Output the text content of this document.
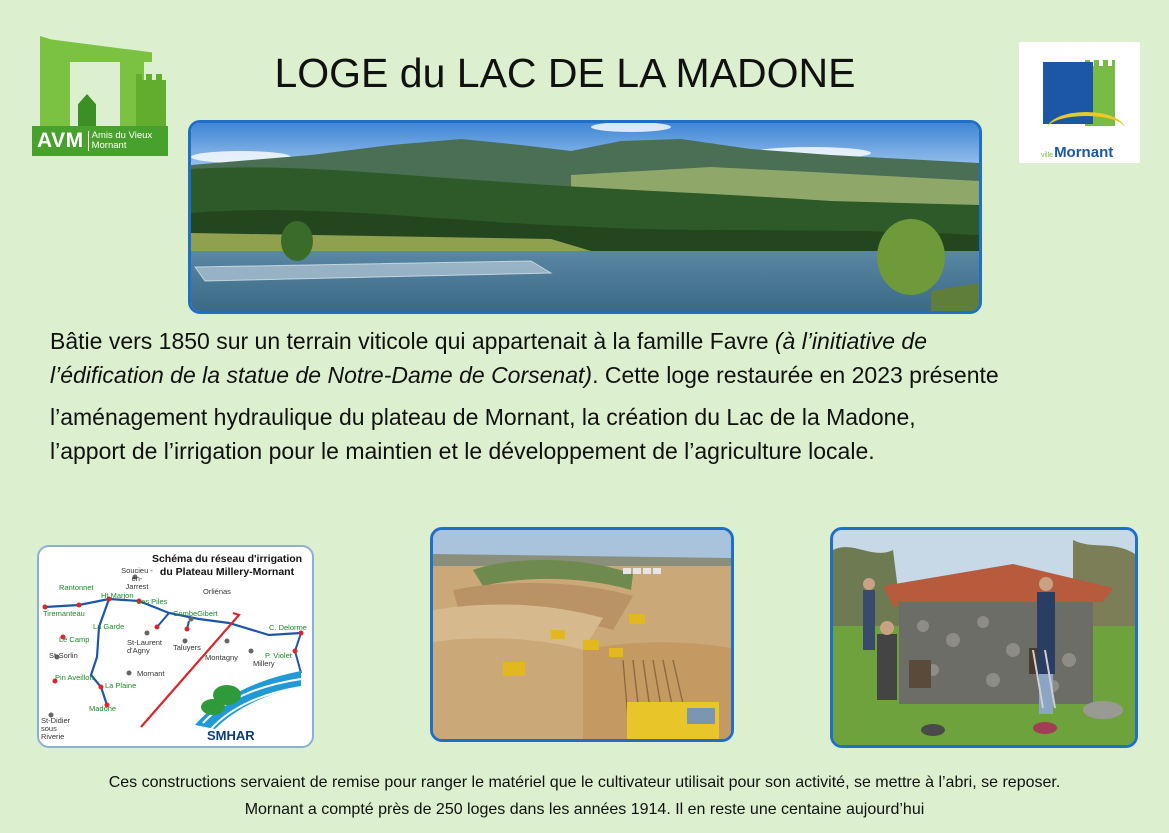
AVM Amis du Vieux
Mornant
LOGE du LAC DE LA MADONE
villeMornant

Bâtie vers 1850 sur un terrain viticole qui appartenait à la famille Favre (à l’initiative de

l’édification de la statue de Notre-Dame de Corsenat). Cette loge restaurée en 2023 présente

l’aménagement hydraulique du plateau de Mornant, la création du Lac de la Madone,

l’apport de l’irrigation pour le maintien et le développement de l’agriculture locale.

Schéma du réseau d'irrigation
du Plateau Millery-Mornant
Rantonnet
Tiremanteau
Ht Marjon
Les Piles
CombeGibert
La Garde
Le Camp
C. Delorme
P. Violet
Pin Aveillon
La Plaine
Madone
Soucieu -en-Jarrest
Orliénas
St-Laurent d'Agny	Taluyers
Montagny
Millery
St-Sorlin
Mornant
St-Didier sous Riverie	SMHAR

Ces constructions servaient de remise pour ranger le matériel que le cultivateur utilisait pour son activité, se mettre à l’abri, se reposer.

Mornant a compté près de 250 loges dans les années 1914. Il en reste une centaine aujourd’hui
